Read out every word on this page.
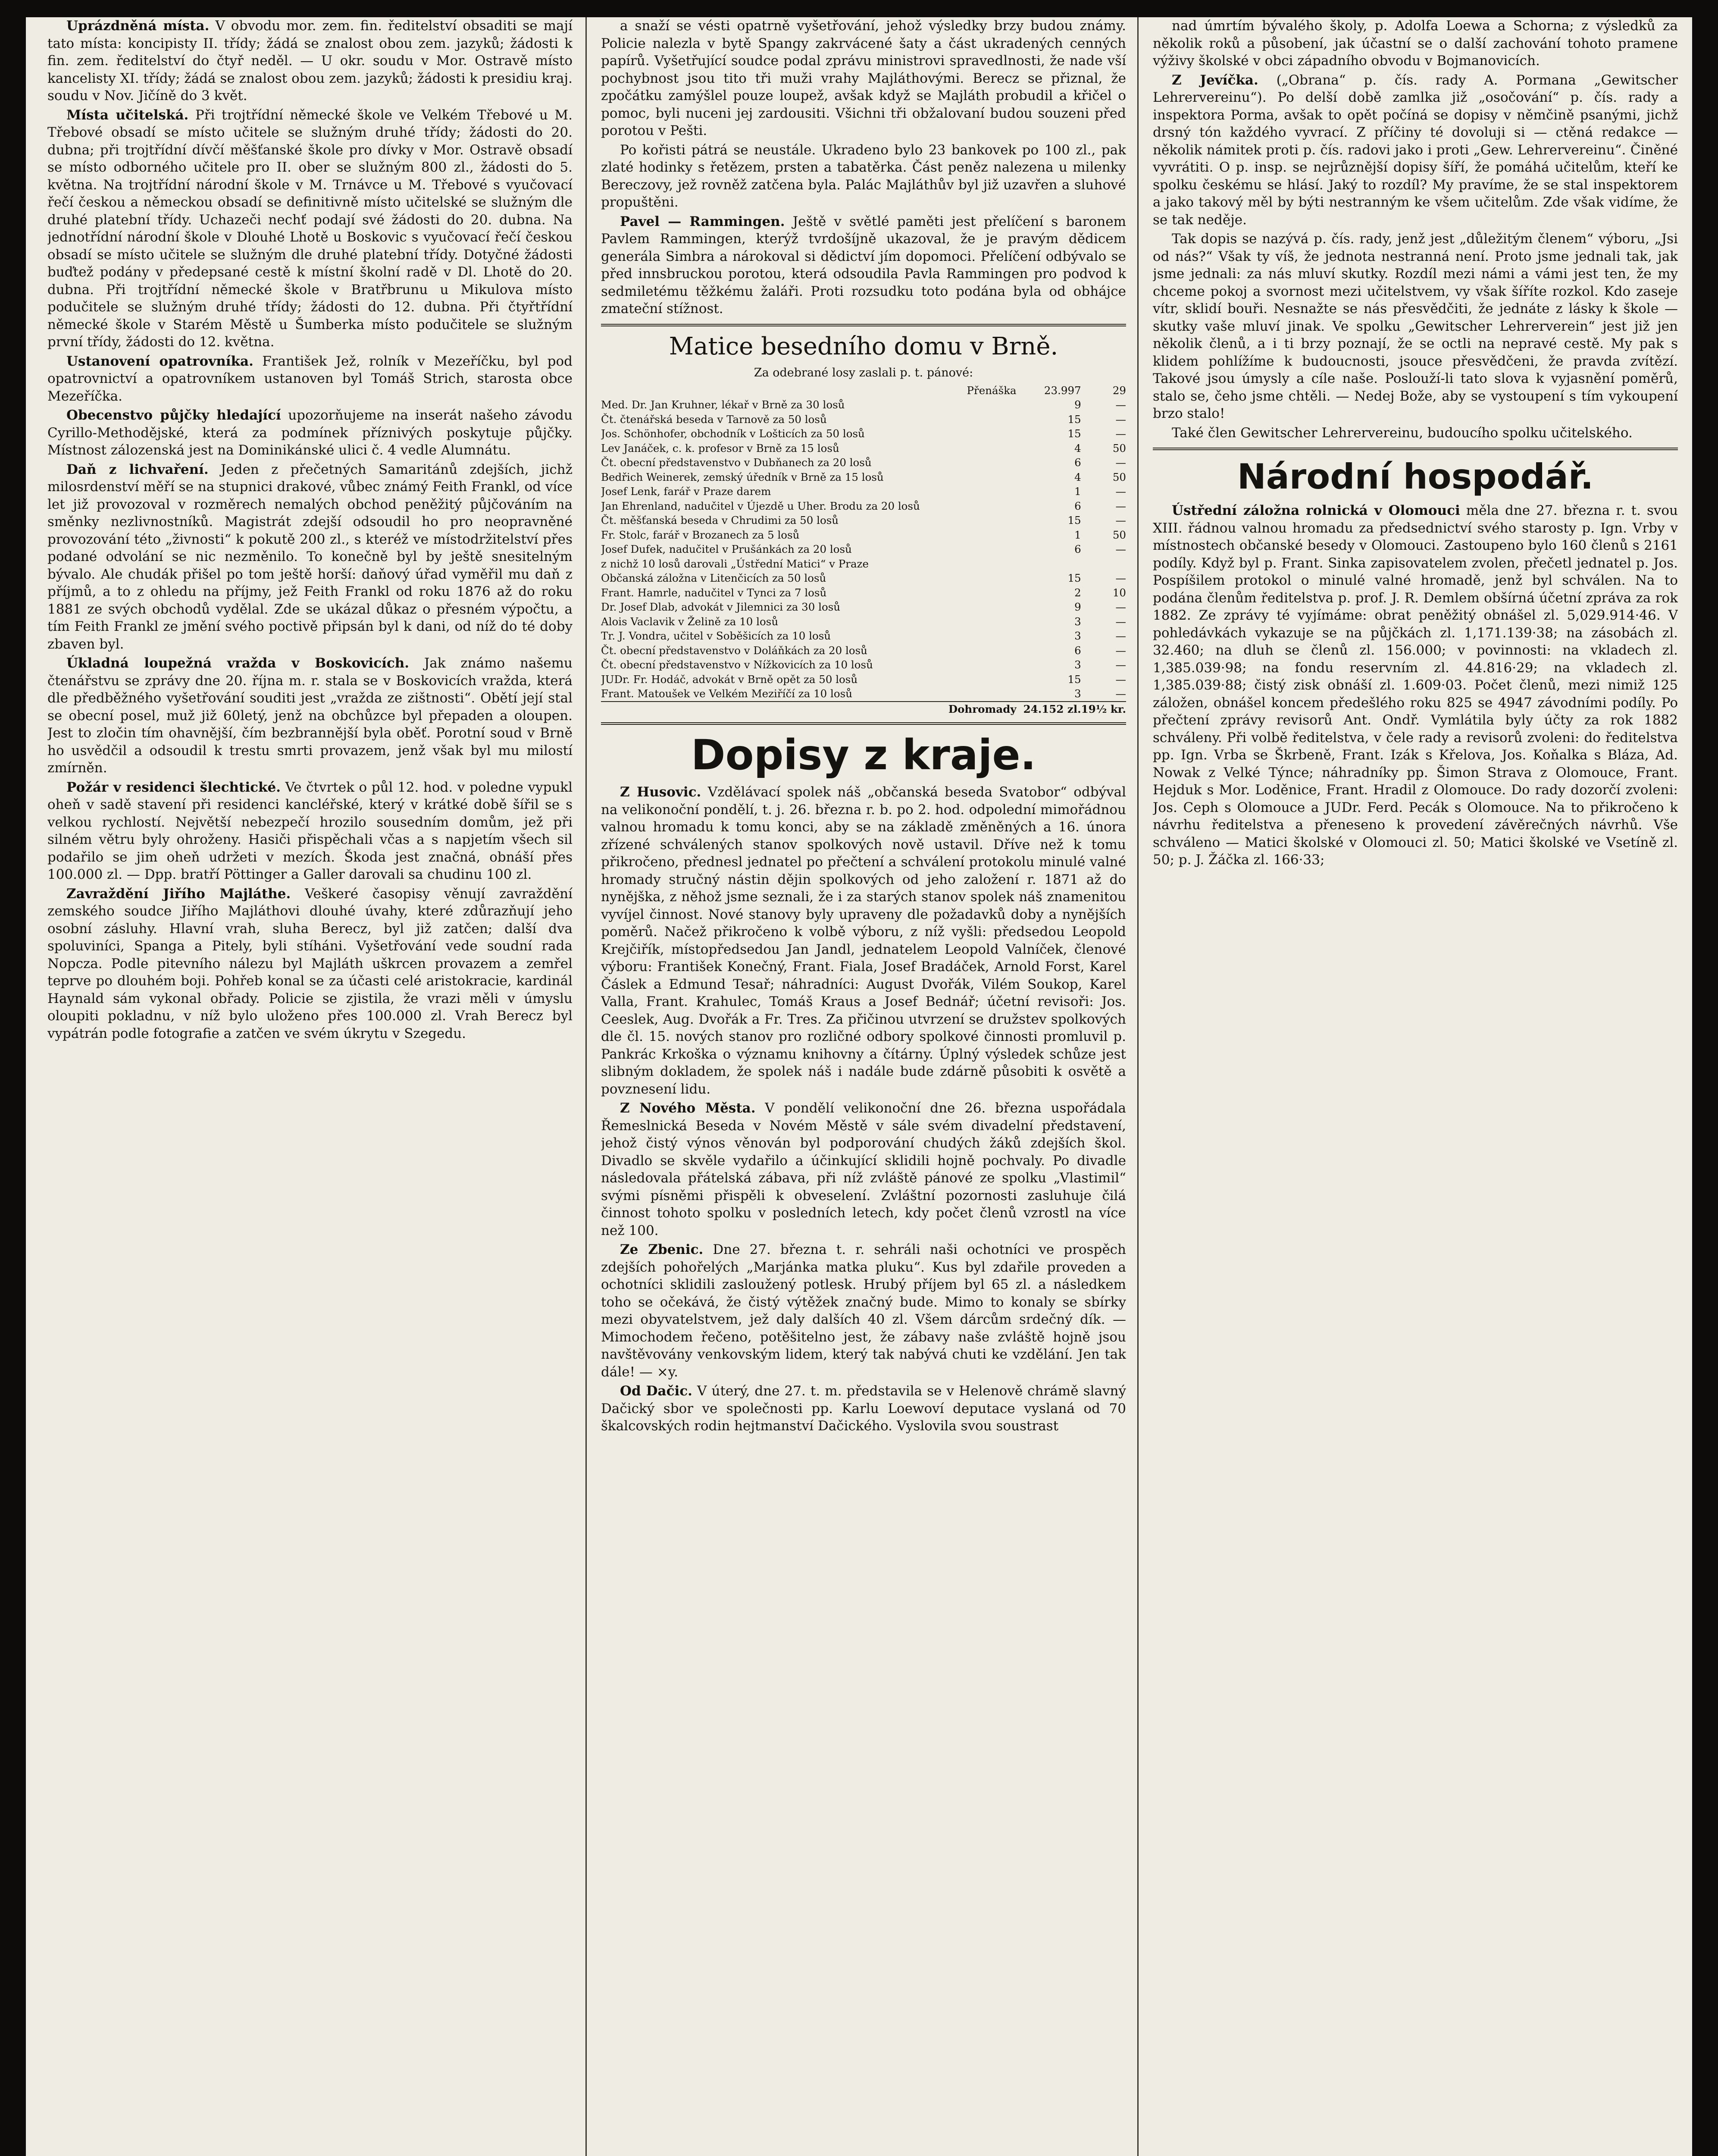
Uprázdněná místa. V obvodu mor. zem. fin. ředitelství obsaditi se mají tato místa: koncipisty II. třídy; žádá se znalost obou zem. jazyků; žádosti k fin. zem. ředitelství do čtyř neděl. — U okr. soudu v Mor. Ostravě místo kancelisty XI. třídy; žádá se znalost obou zem. jazyků; žádosti k presidiu kraj. soudu v Nov. Jičíně do 3 květ.

Místa učitelská. Při trojtřídní německé škole ve Velkém Třebové u M. Třebové obsadí se místo učitele se služným druhé třídy; žádosti do 20. dubna; při trojtřídní dívčí měšťanské škole pro dívky v Mor. Ostravě obsadí se místo odborného učitele pro II. ober se služným 800 zl., žádosti do 5. května. Na trojtřídní národní škole v M. Trnávce u M. Třebové s vyučovací řečí českou a německou obsadí se definitivně místo učitelské se služným dle druhé platební třídy. Uchazeči nechť podají své žádosti do 20. dubna. Na jednotřídní národní škole v Dlouhé Lhotě u Boskovic s vyučovací řečí českou obsadí se místo učitele se služným dle druhé platební třídy. Dotyčné žádosti buďtež podány v předepsané cestě k místní školní radě v Dl. Lhotě do 20. dubna. Při trojtřídní německé škole v Bratřbrunu u Mikulova místo podučitele se služným druhé třídy; žádosti do 12. dubna. Při čtyřtřídní německé škole v Starém Městě u Šumberka místo podučitele se služným první třídy, žádosti do 12. května.

Ustanovení opatrovníka. František Jež, rolník v Mezeříčku, byl pod opatrovnictví a opatrovníkem ustanoven byl Tomáš Strich, starosta obce Mezeříčka.

Obecenstvo půjčky hledající upozorňujeme na inserát našeho závodu Cyrillo-Methodějské, která za podmínek příznivých poskytuje půjčky. Místnost zálozenská jest na Dominikánské ulici č. 4 vedle Alumnátu.

Daň z lichvaření. Jeden z přečetných Samaritánů zdejších, jichž milosrdenství měří se na stupnici drakové, vůbec známý Feith Frankl, od více let již provozoval v rozměrech nemalých obchod peněžitý půjčováním na směnky nezlivnostníků. Magistrát zdejší odsoudil ho pro neopravněné provozování této „živnosti“ k pokutě 200 zl., s kteréž ve místodržitelství přes podané odvolání se nic nezměnilo. To konečně byl by ještě snesitelným bývalo. Ale chudák přišel po tom ještě horší: daňový úřad vyměřil mu daň z příjmů, a to z ohledu na příjmy, jež Feith Frankl od roku 1876 až do roku 1881 ze svých obchodů vydělal. Zde se ukázal důkaz o přesném výpočtu, a tím Feith Frankl ze jmění svého poctivě připsán byl k dani, od níž do té doby zbaven byl.

Úkladná loupežná vražda v Boskovicích. Jak známo našemu čtenářstvu se zprávy dne 20. října m. r. stala se v Boskovicích vražda, která dle předběžného vyšetřování souditi jest „vražda ze zištnosti“. Obětí její stal se obecní posel, muž již 60letý, jenž na obchůzce byl přepaden a oloupen. Jest to zločin tím ohavnější, čím bezbrannější byla oběť. Porotní soud v Brně ho usvědčil a odsoudil k trestu smrti provazem, jenž však byl mu milostí zmírněn.

Požár v residenci šlechtické. Ve čtvrtek o půl 12. hod. v poledne vypukl oheň v sadě stavení při residenci kancléřské, který v krátké době šířil se s velkou rychlostí. Největší nebezpečí hrozilo sousedním domům, jež při silném větru byly ohroženy. Hasiči přispěchali včas a s napjetím všech sil podařilo se jim oheň udržeti v mezích. Škoda jest značná, obnáší přes 100.000 zl. — Dpp. bratří Pöttinger a Galler darovali sa chudinu 100 zl.

Zavraždění Jiřího Majláthe. Veškeré časopisy věnují zavraždění zemského soudce Jiřího Majláthovi dlouhé úvahy, které zdůrazňují jeho osobní zásluhy. Hlavní vrah, sluha Berecz, byl již zatčen; další dva spoluviníci, Spanga a Pitely, byli stíháni. Vyšetřování vede soudní rada Nopcza. Podle pitevního nálezu byl Majláth uškrcen provazem a zemřel teprve po dlouhém boji. Pohřeb konal se za účasti celé aristokracie, kardinál Haynald sám vykonal obřady. Policie se zjistila, že vrazi měli v úmyslu oloupiti pokladnu, v níž bylo uloženo přes 100.000 zl. Vrah Berecz byl vypátrán podle fotografie a zatčen ve svém úkrytu v Szegedu.

a snaží se vésti opatrně vyšetřování, jehož výsledky brzy budou známy. Policie nalezla v bytě Spangy zakrvácené šaty a část ukradených cenných papírů. Vyšetřující soudce podal zprávu ministrovi spravedlnosti, že nade vší pochybnost jsou tito tři muži vrahy Majláthovými. Berecz se přiznal, že zpočátku zamýšlel pouze loupež, avšak když se Majláth probudil a křičel o pomoc, byli nuceni jej zardousiti. Všichni tři obžalovaní budou souzeni před porotou v Pešti.

Po kořisti pátrá se neustále. Ukradeno bylo 23 bankovek po 100 zl., pak zlaté hodinky s řetězem, prsten a tabatěrka. Část peněz nalezena u milenky Bereczovy, jež rovněž zatčena byla. Palác Majláthův byl již uzavřen a sluhové propuštěni.

Pavel — Rammingen. Ještě v světlé paměti jest přelíčení s baronem Pavlem Rammingen, kterýž tvrdošíjně ukazoval, že je pravým dědicem generála Simbra a nárokoval si dědictví jím dopomoci. Přelíčení odbývalo se před innsbruckou porotou, která odsoudila Pavla Rammingen pro podvod k sedmiletému těžkému žaláři. Proti rozsudku toto podána byla od obhájce zmateční stížnost.

Matice besedního domu v Brně.
Za odebrané losy zaslali p. t. pánové:
Přenáška	23.997	29
Med. Dr. Jan Kruhner, lékař v Brně za 30 losů	9	—
Čt. čtenářská beseda v Tarnově za 50 losů	15	—
Jos. Schönhofer, obchodník v Lošticích za 50 losů	15	—
Lev Janáček, c. k. profesor v Brně za 15 losů	4	50
Čt. obecní představenstvo v Dubňanech za 20 losů	6	—
Bedřich Weinerek, zemský úředník v Brně za 15 losů	4	50
Josef Lenk, farář v Praze darem	1	—
Jan Ehrenland, nadučitel v Újezdě u Uher. Brodu za 20 losů	6	—
Čt. měšťanská beseda v Chrudimi za 50 losů	15	—
Fr. Stolc, farář v Brozanech za 5 losů	1	50
Josef Dufek, nadučitel v Prušánkách za 20 losů	6	—
z nichž 10 losů darovali „Ústřední Matici“ v Praze		
Občanská záložna v Litenčicích za 50 losů	15	—
Frant. Hamrle, nadučitel v Tynci za 7 losů	2	10
Dr. Josef Dlab, advokát v Jilemnici za 30 losů	9	—
Alois Vaclavik v Želině za 10 losů	3	—
Tr. J. Vondra, učitel v Soběšicích za 10 losů	3	—
Čt. obecní představenstvo v Doláňkách za 20 losů	6	—
Čt. obecní představenstvo v Nížkovicích za 10 losů	3	—
JUDr. Fr. Hodáč, advokát v Brně opět za 50 losů	15	—
Frant. Matoušek ve Velkém Meziříčí za 10 losů	3	—
Dohromady	24.152 zl.	19½ kr.
Dopisy z kraje.

Z Husovic. Vzdělávací spolek náš „občanská beseda Svatobor“ odbýval na velikonoční pondělí, t. j. 26. března r. b. po 2. hod. odpolední mimořádnou valnou hromadu k tomu konci, aby se na základě změněných a 16. února zřízené schválených stanov spolkových nově ustavil. Dříve než k tomu přikročeno, přednesl jednatel po přečtení a schválení protokolu minulé valné hromady stručný nástin dějin spolkových od jeho založení r. 1871 až do nynějška, z něhož jsme seznali, že i za starých stanov spolek náš znamenitou vyvíjel činnost. Nové stanovy byly upraveny dle požadavků doby a nynějších poměrů. Načež přikročeno k volbě výboru, z níž vyšli: předsedou Leopold Krejčiřík, místopředsedou Jan Jandl, jednatelem Leopold Valníček, členové výboru: František Konečný, Frant. Fiala, Josef Bradáček, Arnold Forst, Karel Čáslek a Edmund Tesař; náhradníci: August Dvořák, Vilém Soukop, Karel Valla, Frant. Krahulec, Tomáš Kraus a Josef Bednář; účetní revisoři: Jos. Ceeslek, Aug. Dvořák a Fr. Tres. Za přičinou utvrzení se družstev spolkových dle čl. 15. nových stanov pro rozličné odbory spolkové činnosti promluvil p. Pankrác Krkoška o významu knihovny a čítárny. Úplný výsledek schůze jest slibným dokladem, že spolek náš i nadále bude zdárně působiti k osvětě a povznesení lidu.

Z Nového Města. V pondělí velikonoční dne 26. března uspořádala Řemeslnická Beseda v Novém Městě v sále svém divadelní představení, jehož čistý výnos věnován byl podporování chudých žáků zdejších škol. Divadlo se skvěle vydařilo a účinkující sklidili hojně pochvaly. Po divadle následovala přátelská zábava, při níž zvláště pánové ze spolku „Vlastimil“ svými písněmi přispěli k obveselení. Zvláštní pozornosti zasluhuje čilá činnost tohoto spolku v posledních letech, kdy počet členů vzrostl na více než 100.

Ze Zbenic. Dne 27. března t. r. sehráli naši ochotníci ve prospěch zdejších pohořelých „Marjánka matka pluku“. Kus byl zdařile proveden a ochotníci sklidili zasloužený potlesk. Hrubý příjem byl 65 zl. a následkem toho se očekává, že čistý výtěžek značný bude. Mimo to konaly se sbírky mezi obyvatelstvem, jež daly dalších 40 zl. Všem dárcům srdečný dík. — Mimochodem řečeno, potěšitelno jest, že zábavy naše zvláště hojně jsou navštěvovány venkovským lidem, který tak nabývá chuti ke vzdělání. Jen tak dále! — ×y.

Od Dačic. V úterý, dne 27. t. m. představila se v Helenově chrámě slavný Dačický sbor ve společnosti pp. Karlu Loewoví deputace vyslaná od 70 škalcovských rodin hejtmanství Dačického. Vyslovila svou soustrast

nad úmrtím bývalého školy, p. Adolfa Loewa a Schorna; z výsledků za několik roků a působení, jak účastní se o další zachování tohoto pramene výživy školské v obci západního obvodu v Bojmanovicích.

Z Jevíčka. („Obrana“ p. čís. rady A. Pormana „Gewitscher Lehrervereinu“). Po delší době zamlka již „osočování“ p. čís. rady a inspektora Porma, avšak to opět počíná se dopisy v němčině psanými, jichž drsný tón každého vyvrací. Z příčiny té dovoluji si — ctěná redakce — několik námitek proti p. čís. radovi jako i proti „Gew. Lehrervereinu“. Činěné vyvrátiti. O p. insp. se nejrůznější dopisy šíří, že pomáhá učitelům, kteří ke spolku českému se hlásí. Jaký to rozdíl? My pravíme, že se stal inspektorem a jako takový měl by býti nestranným ke všem učitelům. Zde však vidíme, že se tak neděje.

Tak dopis se nazývá p. čís. rady, jenž jest „důležitým členem“ výboru, „Jsi od nás?“ Však ty víš, že jednota nestranná není. Proto jsme jednali tak, jak jsme jednali: za nás mluví skutky. Rozdíl mezi námi a vámi jest ten, že my chceme pokoj a svornost mezi učitelstvem, vy však šíříte rozkol. Kdo zaseje vítr, sklidí bouři. Nesnažte se nás přesvědčiti, že jednáte z lásky k škole — skutky vaše mluví jinak. Ve spolku „Gewitscher Lehrerverein“ jest již jen několik členů, a i ti brzy poznají, že se octli na nepravé cestě. My pak s klidem pohlížíme k budoucnosti, jsouce přesvědčeni, že pravda zvítězí. Takové jsou úmysly a cíle naše. Poslouží-li tato slova k vyjasnění poměrů, stalo se, čeho jsme chtěli. — Nedej Bože, aby se vystoupení s tím vykoupení brzo stalo!

Také člen Gewitscher Lehrervereinu, budoucího spolku učitelského.

Národní hospodář.

Ústřední záložna rolnická v Olomouci měla dne 27. března r. t. svou XIII. řádnou valnou hromadu za předsednictví svého starosty p. Ign. Vrby v místnostech občanské besedy v Olomouci. Zastoupeno bylo 160 členů s 2161 podíly. Když byl p. Frant. Sinka zapisovatelem zvolen, přečetl jednatel p. Jos. Pospíšilem protokol o minulé valné hromadě, jenž byl schválen. Na to podána členům ředitelstva p. prof. J. R. Demlem obšírná účetní zpráva za rok 1882. Ze zprávy té vyjímáme: obrat peněžitý obnášel zl. 5,029.914·46. V pohledávkách vykazuje se na půjčkách zl. 1,171.139·38; na zásobách zl. 32.460; na dluh se členů zl. 156.000; v povinnosti: na vkladech zl. 1,385.039·98; na fondu reservním zl. 44.816·29; na vkladech zl. 1,385.039·88; čistý zisk obnáší zl. 1.609·03. Počet členů, mezi nimiž 125 záložen, obnášel koncem předešlého roku 825 se 4947 závodními podíly. Po přečtení zprávy revisorů Ant. Ondř. Vymlátila byly účty za rok 1882 schváleny. Při volbě ředitelstva, v čele rady a revisorů zvoleni: do ředitelstva pp. Ign. Vrba se Škrbeně, Frant. Izák s Křelova, Jos. Koňalka s Bláza, Ad. Nowak z Velké Týnce; náhradníky pp. Šimon Strava z Olomouce, Frant. Hejduk s Mor. Loděnice, Frant. Hradil z Olomouce. Do rady dozorčí zvoleni: Jos. Ceph s Olomouce a JUDr. Ferd. Pecák s Olomouce. Na to přikročeno k návrhu ředitelstva a přeneseno k provedení závěrečných návrhů. Vše schváleno — Matici školské v Olomouci zl. 50; Matici školské ve Vsetíně zl. 50; p. J. Žáčka zl. 166·33;
